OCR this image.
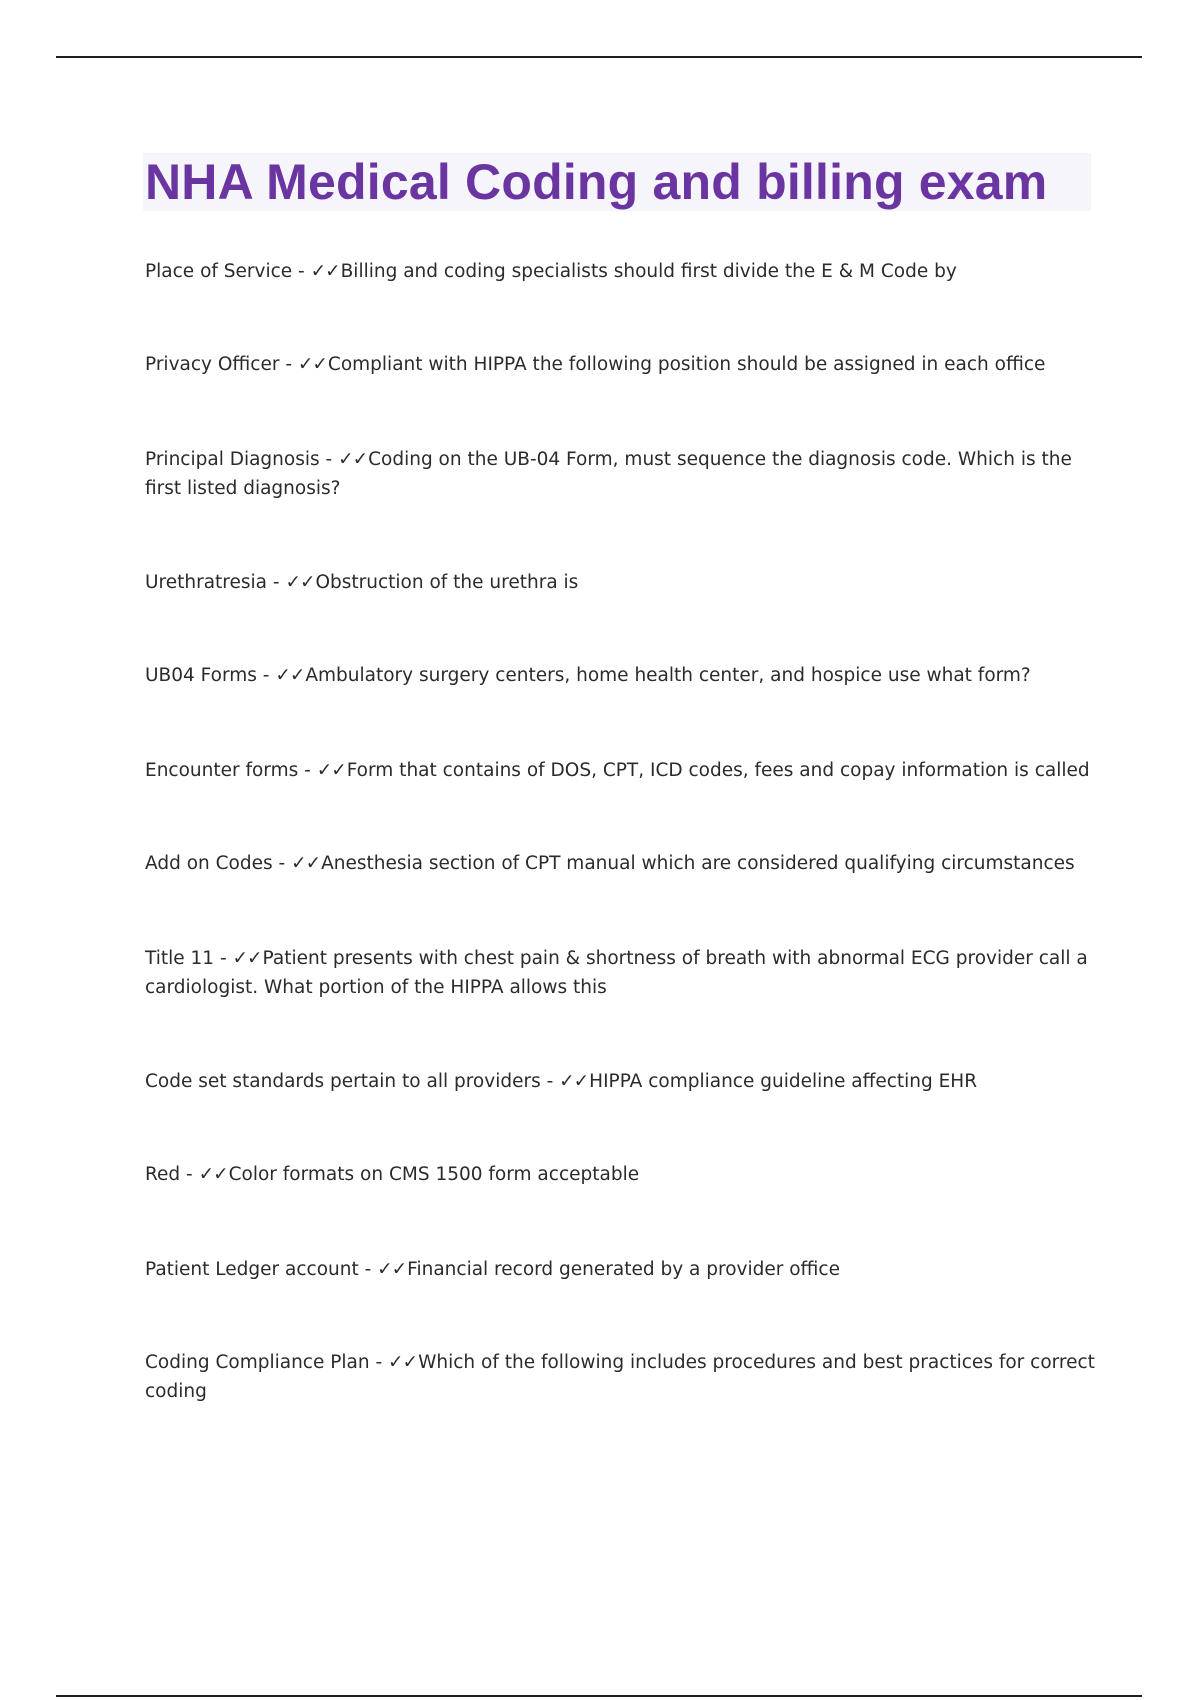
NHA Medical Coding and billing exam

Place of Service - ✓✓Billing and coding specialists should first divide the E & M Code by

Privacy Officer - ✓✓Compliant with HIPPA the following position should be assigned in each office

Principal Diagnosis - ✓✓Coding on the UB-04 Form, must sequence the diagnosis code. Which is the first listed diagnosis?

Urethratresia - ✓✓Obstruction of the urethra is

UB04 Forms - ✓✓Ambulatory surgery centers, home health center, and hospice use what form?

Encounter forms - ✓✓Form that contains of DOS, CPT, ICD codes, fees and copay information is called

Add on Codes - ✓✓Anesthesia section of CPT manual which are considered qualifying circumstances

Title 11 - ✓✓Patient presents with chest pain & shortness of breath with abnormal ECG provider call a cardiologist. What portion of the HIPPA allows this

Code set standards pertain to all providers - ✓✓HIPPA compliance guideline affecting EHR

Red - ✓✓Color formats on CMS 1500 form acceptable

Patient Ledger account - ✓✓Financial record generated by a provider office

Coding Compliance Plan - ✓✓Which of the following includes procedures and best practices for correct coding
